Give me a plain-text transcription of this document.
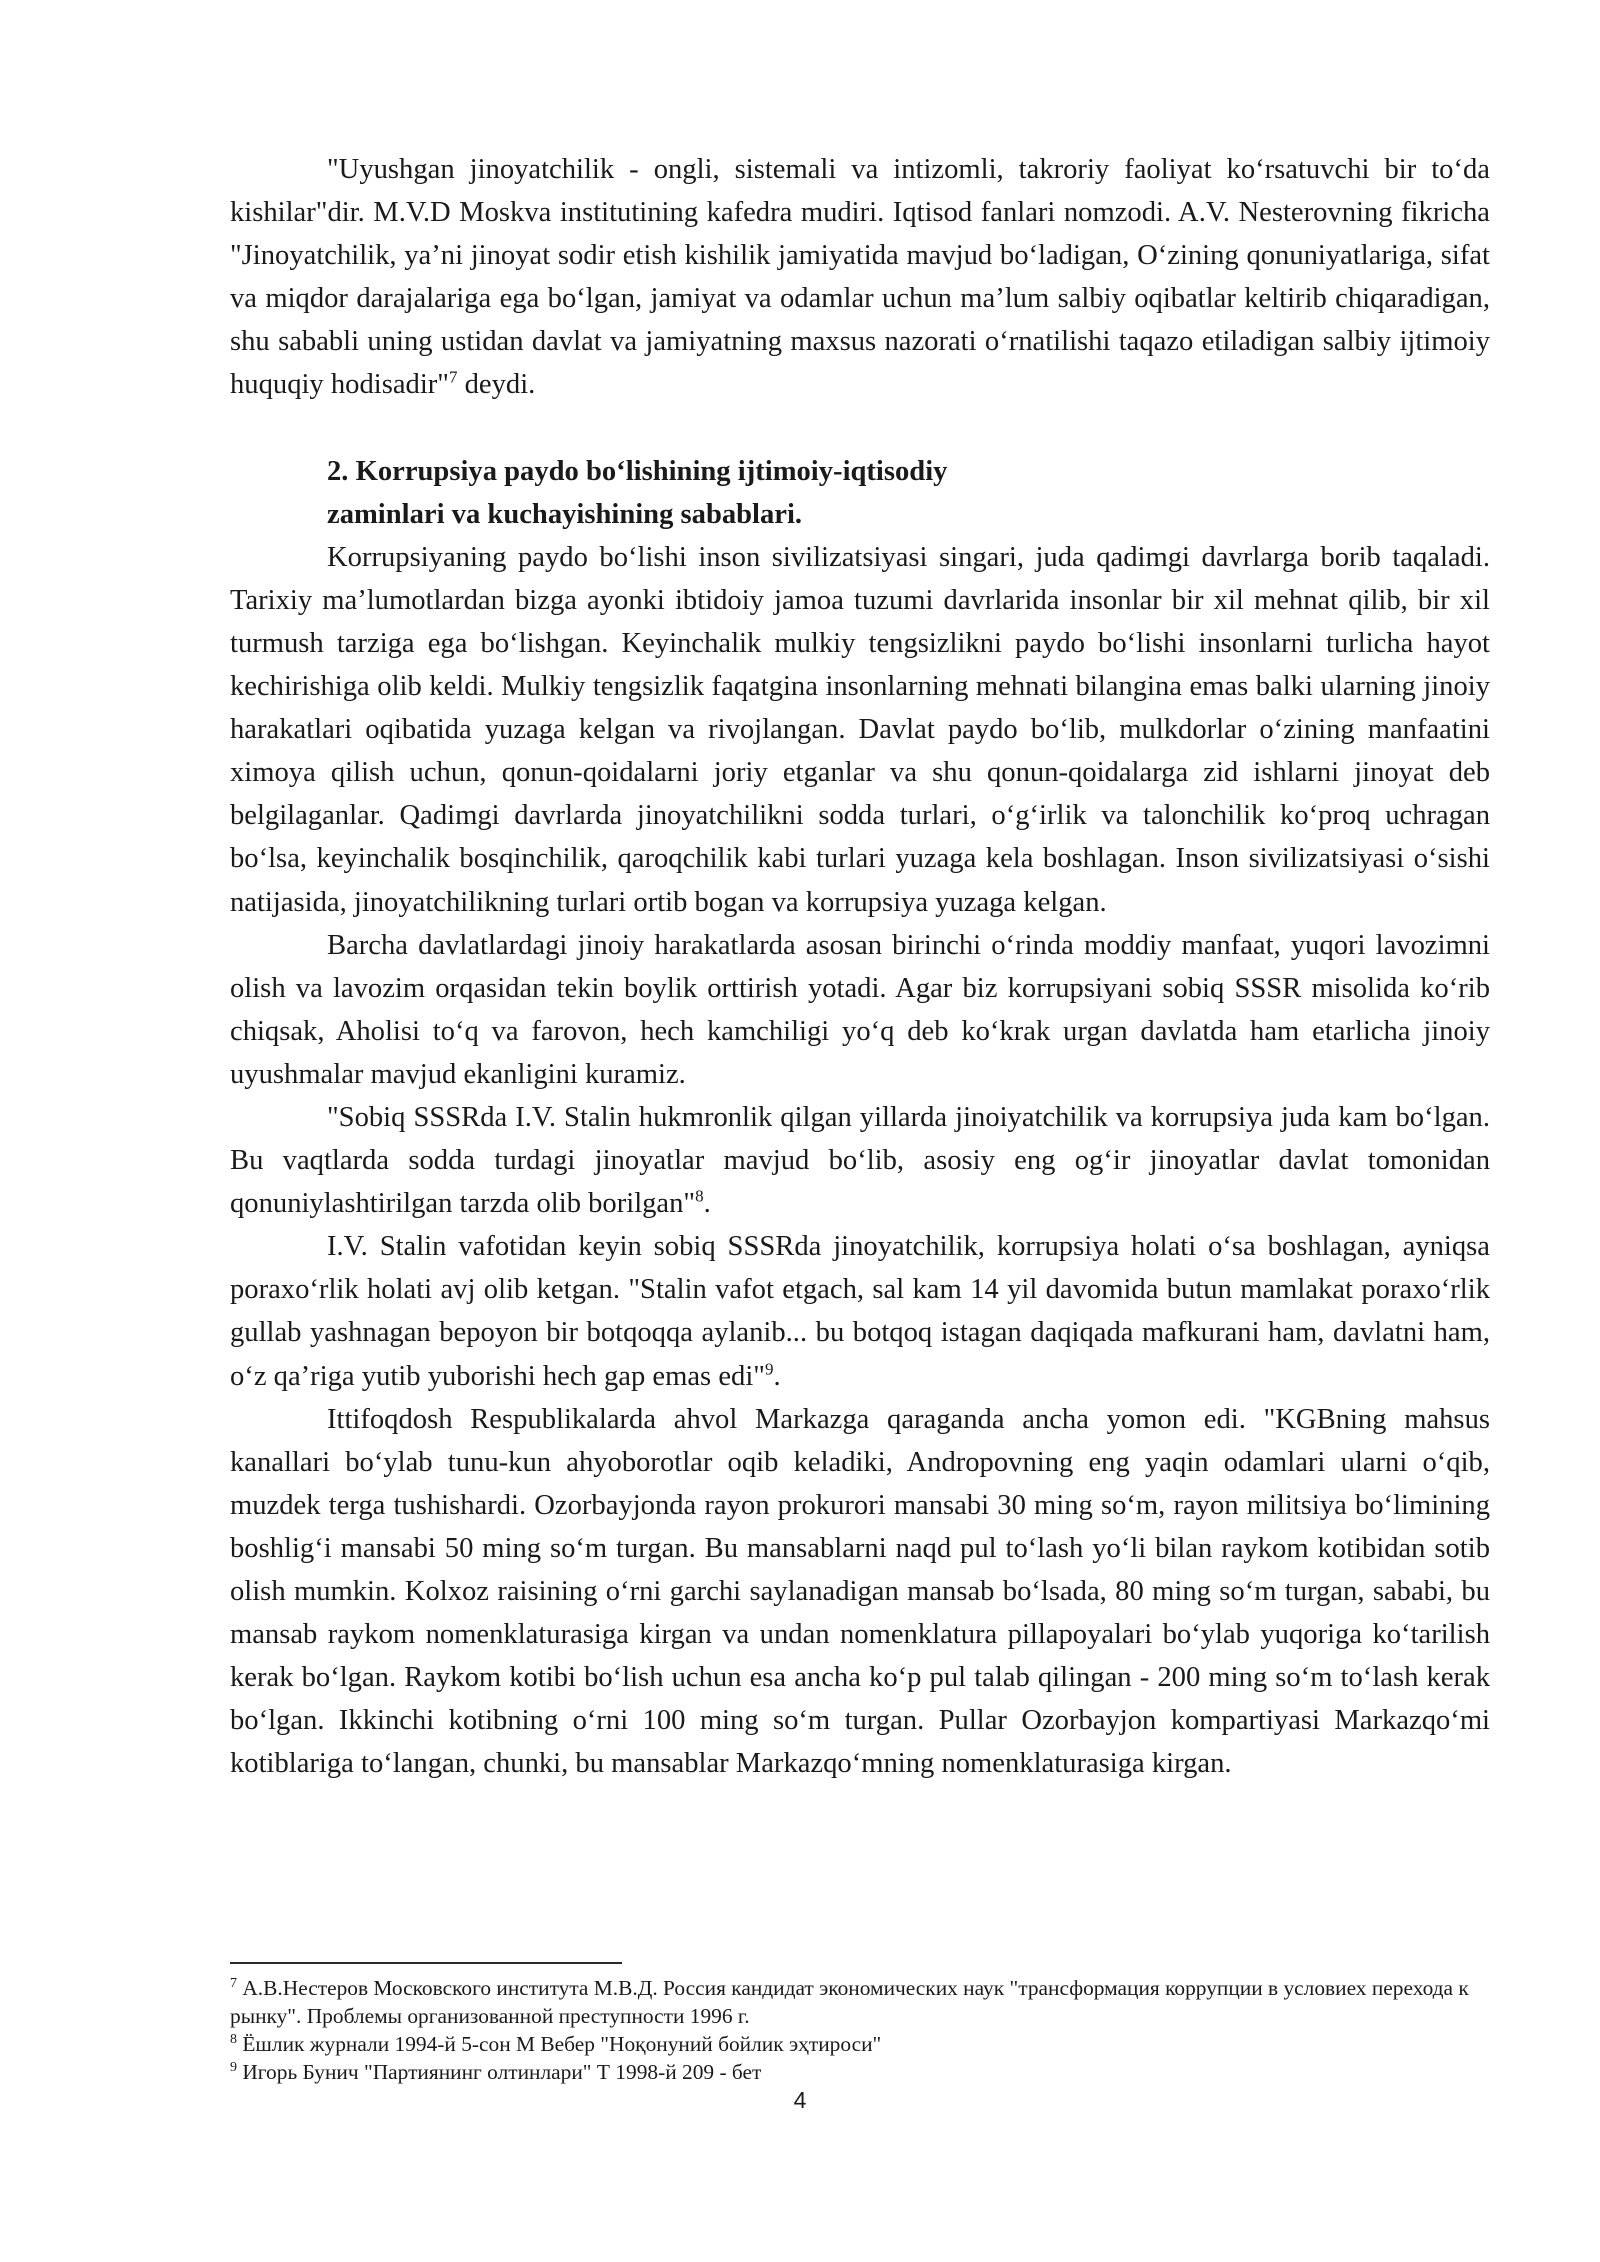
"Uyushgan jinoyatchilik - ongli, sistemali va intizomli, takroriy faoliyat koʻrsatuvchi bir toʻda kishilar"dir. M.V.D Moskva institutining kafedra mudiri. Iqtisod fanlari nomzodi. A.V. Nesterovning fikricha "Jinoyatchilik, yaʼni jinoyat sodir etish kishilik jamiyatida mavjud boʻladigan, Oʻzining qonuniyatlariga, sifat va miqdor darajalariga ega boʻlgan, jamiyat va odamlar uchun maʼlum salbiy oqibatlar keltirib chiqaradigan, shu sababli uning ustidan davlat va jamiyatning maxsus nazorati oʻrnatilishi taqazo etiladigan salbiy ijtimoiy huquqiy hodisadir"$^7$ deydi.

2. Korrupsiya paydo boʻlishining ijtimoiy-iqtisodiy
zaminlari va kuchayishining sabablari.

Korrupsiyaning paydo boʻlishi inson sivilizatsiyasi singari, juda qadimgi davrlarga borib taqaladi. Tarixiy maʼlumotlardan bizga ayonki ibtidoiy jamoa tuzumi davrlarida insonlar bir xil mehnat qilib, bir xil turmush tarziga ega boʻlishgan. Keyinchalik mulkiy tengsizlikni paydo boʻlishi insonlarni turlicha hayot kechirishiga olib keldi. Mulkiy tengsizlik faqatgina insonlarning mehnati bilangina emas balki ularning jinoiy harakatlari oqibatida yuzaga kelgan va rivojlangan. Davlat paydo boʻlib, mulkdorlar oʻzining manfaatini ximoya qilish uchun, qonun-qoidalarni joriy etganlar va shu qonun-qoidalarga zid ishlarni jinoyat deb belgilaganlar. Qadimgi davrlarda jinoyatchilikni sodda turlari, oʻgʻirlik va talonchilik koʻproq uchragan boʻlsa, keyinchalik bosqinchilik, qaroqchilik kabi turlari yuzaga kela boshlagan. Inson sivilizatsiyasi oʻsishi natijasida, jinoyatchilikning turlari ortib bogan va korrupsiya yuzaga kelgan.

Barcha davlatlardagi jinoiy harakatlarda asosan birinchi oʻrinda moddiy manfaat, yuqori lavozimni olish va lavozim orqasidan tekin boylik orttirish yotadi. Agar biz korrupsiyani sobiq SSSR misolida koʻrib chiqsak, Aholisi toʻq va farovon, hech kamchiligi yoʻq deb koʻkrak urgan davlatda ham etarlicha jinoiy uyushmalar mavjud ekanligini kuramiz.

"Sobiq SSSRda I.V. Stalin hukmronlik qilgan yillarda jinoiyatchilik va korrupsiya juda kam boʻlgan. Bu vaqtlarda sodda turdagi jinoyatlar mavjud boʻlib, asosiy eng ogʻir jinoyatlar davlat tomonidan qonuniylashtirilgan tarzda olib borilgan"$^8$.

I.V. Stalin vafotidan keyin sobiq SSSRda jinoyatchilik, korrupsiya holati oʻsa boshlagan, ayniqsa poraxoʻrlik holati avj olib ketgan. "Stalin vafot etgach, sal kam 14 yil davomida butun mamlakat poraxoʻrlik gullab yashnagan bepoyon bir botqoqqa aylanib... bu botqoq istagan daqiqada mafkurani ham, davlatni ham, oʻz qaʼriga yutib yuborishi hech gap emas edi"$^9$.

Ittifoqdosh Respublikalarda ahvol Markazga qaraganda ancha yomon edi. "KGBning mahsus kanallari boʻylab tunu-kun ahyoborotlar oqib keladiki, Andropovning eng yaqin odamlari ularni oʻqib, muzdek terga tushishardi. Ozorbayjonda rayon prokurori mansabi 30 ming soʻm, rayon militsiya boʻlimining boshligʻi mansabi 50 ming soʻm turgan. Bu mansablarni naqd pul toʻlash yoʻli bilan raykom kotibidan sotib olish mumkin. Kolxoz raisining oʻrni garchi saylanadigan mansab boʻlsada, 80 ming soʻm turgan, sababi, bu mansab raykom nomenklaturasiga kirgan va undan nomenklatura pillapoyalari boʻylab yuqoriga koʻtarilish kerak boʻlgan. Raykom kotibi boʻlish uchun esa ancha koʻp pul talab qilingan - 200 ming soʻm toʻlash kerak boʻlgan. Ikkinchi kotibning oʻrni 100 ming soʻm turgan. Pullar Ozorbayjon kompartiyasi Markazqoʻmi kotiblariga toʻlangan, chunki, bu mansablar Markazqoʻmning nomenklaturasiga kirgan.

$^7$ А.В.Нестеров Московского института М.В.Д. Россия кандидат экономических наук "трансформация коррупции в условиех перехода к рынку". Проблемы организованной преступности 1996 г.

$^8$ Ёшлик журнали 1994-й 5-сон М Вебер "Ноқонуний бойлик эҳтироси"

$^9$ Игорь Бунич "Партиянинг олтинлари" Т 1998-й 209 - бет

4
